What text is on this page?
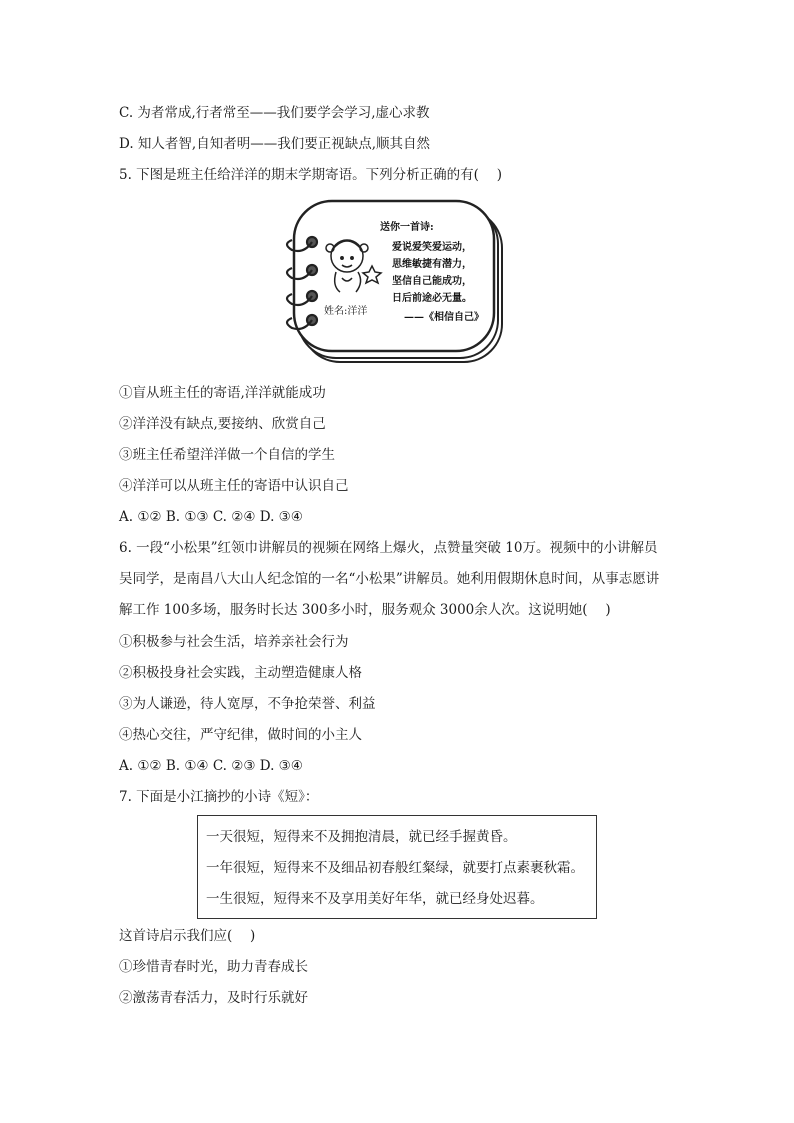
C. 为者常成,行者常至——我们要学会学习,虚心求教
D. 知人者智,自知者明——我们要正视缺点,顺其自然
5. 下图是班主任给洋洋的期末学期寄语。下列分析正确的有(　 )
姓名:洋洋
送你一首诗:
爱说爱笑爱运动，
思维敏捷有潜力，
坚信自己能成功，
日后前途必无量。
——《相信自己》
①盲从班主任的寄语,洋洋就能成功
②洋洋没有缺点,要接纳、欣赏自己
③班主任希望洋洋做一个自信的学生
④洋洋可以从班主任的寄语中认识自己
A. ①② B. ①③ C. ②④ D. ③④
6. 一段“小松果”红领巾讲解员的视频在网络上爆火，点赞量突破 10万。视频中的小讲解员
吴同学，是南昌八大山人纪念馆的一名“小松果”讲解员。她利用假期休息时间，从事志愿讲
解工作 100多场，服务时长达 300多小时，服务观众 3000余人次。这说明她(　 )
①积极参与社会生活，培养亲社会行为
②积极投身社会实践，主动塑造健康人格
③为人谦逊，待人宽厚，不争抢荣誉、利益
④热心交往，严守纪律，做时间的小主人
A. ①② B. ①④ C. ②③ D. ③④
7. 下面是小江摘抄的小诗《短》：
一天很短，短得来不及拥抱清晨，就已经手握黄昏。
一年很短，短得来不及细品初春般红粲绿，就要打点素裹秋霜。
一生很短，短得来不及享用美好年华，就已经身处迟暮。
这首诗启示我们应(　 )
①珍惜青春时光，助力青春成长
②激荡青春活力，及时行乐就好
